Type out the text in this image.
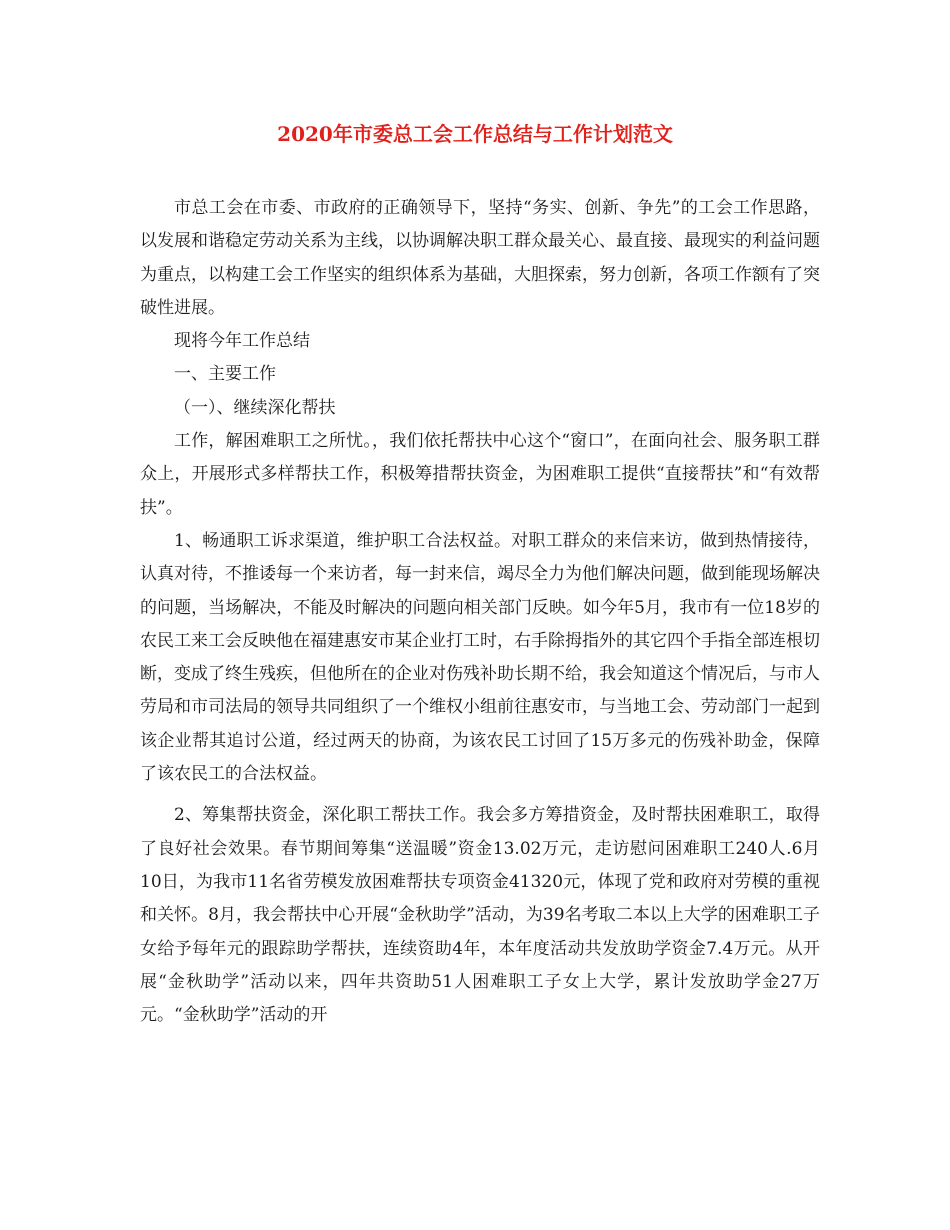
2020年市委总工会工作总结与工作计划范文

市总工会在市委、市政府的正确领导下，坚持“务实、创新、争先”的工会工作思路，以发展和谐稳定劳动关系为主线，以协调解决职工群众最关心、最直接、最现实的利益问题为重点，以构建工会工作坚实的组织体系为基础，大胆探索，努力创新，各项工作额有了突破性进展。

现将今年工作总结

一、主要工作

（一）、继续深化帮扶

工作，解困难职工之所忧。，我们依托帮扶中心这个“窗口”，在面向社会、服务职工群众上，开展形式多样帮扶工作，积极筹措帮扶资金，为困难职工提供“直接帮扶”和“有效帮扶”。

1、畅通职工诉求渠道，维护职工合法权益。对职工群众的来信来访，做到热情接待，认真对待，不推诿每一个来访者，每一封来信，竭尽全力为他们解决问题，做到能现场解决的问题，当场解决，不能及时解决的问题向相关部门反映。如今年5月，我市有一位18岁的农民工来工会反映他在福建惠安市某企业打工时，右手除拇指外的其它四个手指全部连根切断，变成了终生残疾，但他所在的企业对伤残补助长期不给，我会知道这个情况后，与市人劳局和市司法局的领导共同组织了一个维权小组前往惠安市，与当地工会、劳动部门一起到该企业帮其追讨公道，经过两天的协商，为该农民工讨回了15万多元的伤残补助金，保障了该农民工的合法权益。

2、筹集帮扶资金，深化职工帮扶工作。我会多方筹措资金，及时帮扶困难职工，取得了良好社会效果。春节期间筹集“送温暖”资金13.02万元，走访慰问困难职工240人.6月10日，为我市11名省劳模发放困难帮扶专项资金41320元，体现了党和政府对劳模的重视和关怀。8月，我会帮扶中心开展“金秋助学”活动，为39名考取二本以上大学的困难职工子女给予每年元的跟踪助学帮扶，连续资助4年，本年度活动共发放助学资金7.4万元。从开展“金秋助学”活动以来，四年共资助51人困难职工子女上大学，累计发放助学金27万元。“金秋助学”活动的开
